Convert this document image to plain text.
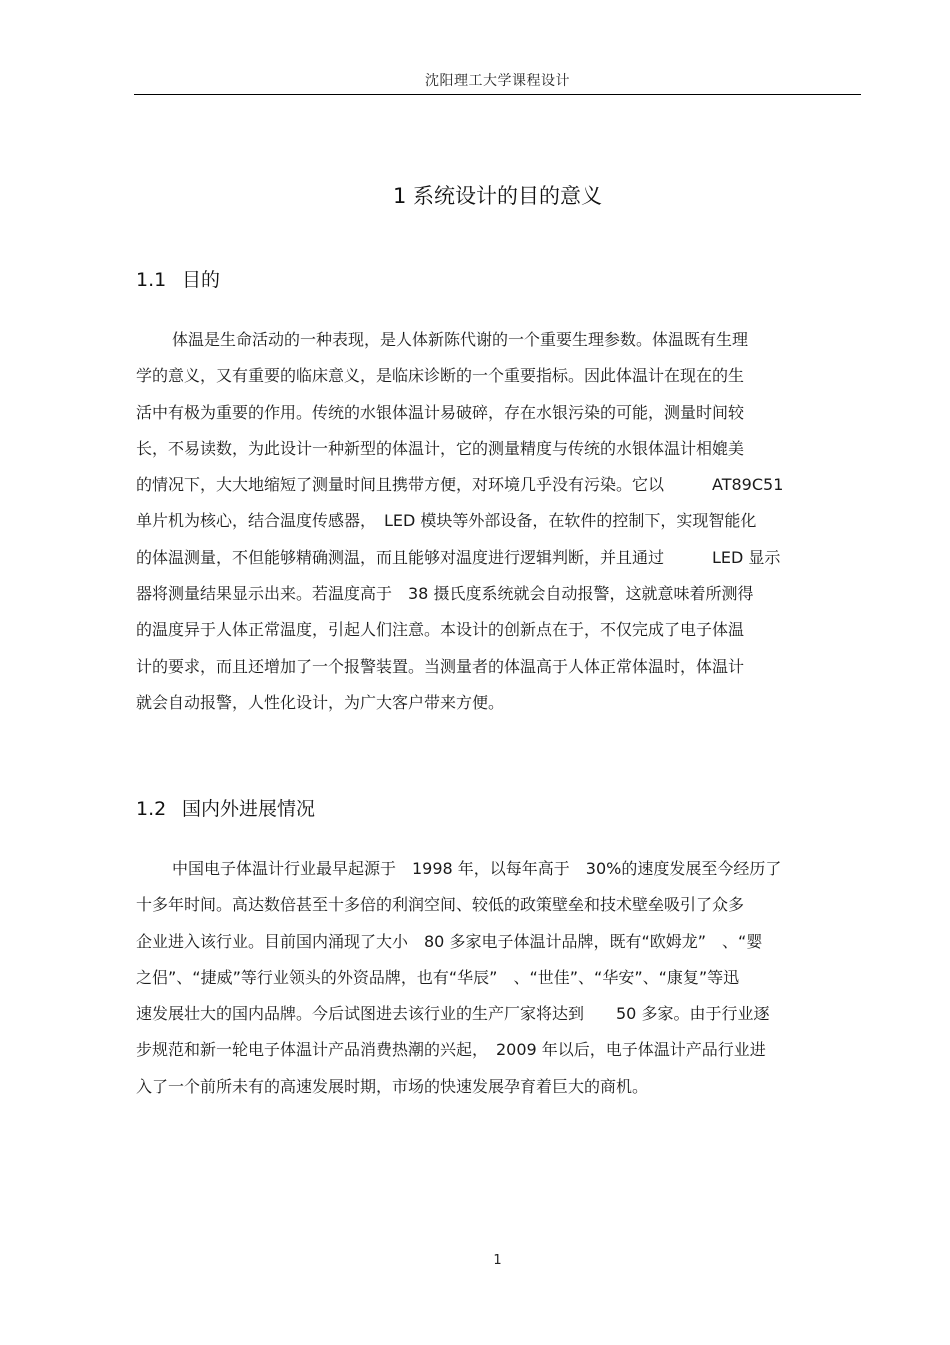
沈阳理工大学课程设计
1 系统设计的目的意义
1.1 目的
体温是生命活动的一种表现，是人体新陈代谢的一个重要生理参数。体温既有生理
学的意义，又有重要的临床意义，是临床诊断的一个重要指标。因此体温计在现在的生
活中有极为重要的作用。传统的水银体温计易破碎，存在水银污染的可能，测量时间较
长，不易读数，为此设计一种新型的体温计，它的测量精度与传统的水银体温计相媲美
的情况下，大大地缩短了测量时间且携带方便，对环境几乎没有污染。它以　　　AT89C51
单片机为核心，结合温度传感器，　LED 模块等外部设备，在软件的控制下，实现智能化
的体温测量，不但能够精确测温，而且能够对温度进行逻辑判断，并且通过　　　LED 显示
器将测量结果显示出来。若温度高于　38 摄氏度系统就会自动报警，这就意味着所测得
的温度异于人体正常温度，引起人们注意。本设计的创新点在于，不仅完成了电子体温
计的要求，而且还增加了一个报警装置。当测量者的体温高于人体正常体温时，体温计
就会自动报警，人性化设计，为广大客户带来方便。
1.2 国内外进展情况
中国电子体温计行业最早起源于　1998 年，以每年高于　30%的速度发展至今经历了
十多年时间。高达数倍甚至十多倍的利润空间、较低的政策壁垒和技术壁垒吸引了众多
企业进入该行业。目前国内涌现了大小　80 多家电子体温计品牌，既有“欧姆龙”　、“婴
之侣”、“捷威”等行业领头的外资品牌，也有“华辰”　、“世佳”、“华安”、“康复”等迅
速发展壮大的国内品牌。今后试图进去该行业的生产厂家将达到　　50 多家。由于行业逐
步规范和新一轮电子体温计产品消费热潮的兴起，　2009 年以后，电子体温计产品行业进
入了一个前所未有的高速发展时期，市场的快速发展孕育着巨大的商机。
1
